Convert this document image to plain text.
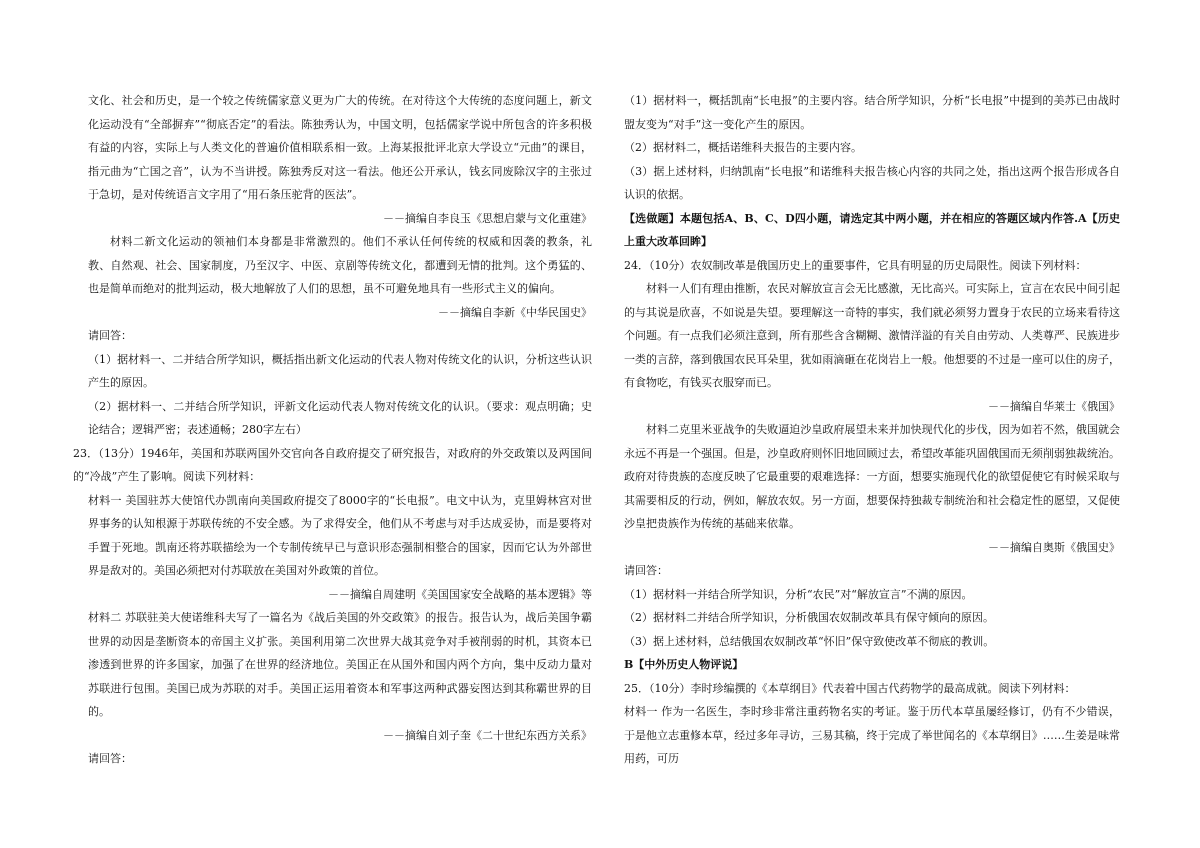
文化、社会和历史，是一个较之传统儒家意义更为广大的传统。在对待这个大传统的态度问题上，新文化运动没有“全部摒弃”“彻底否定”的看法。陈独秀认为，中国文明，包括儒家学说中所包含的许多积极有益的内容，实际上与人类文化的普遍价值相联系相一致。上海某报批评北京大学设立“元曲”的课目，指元曲为“亡国之音”，认为不当讲授。陈独秀反对这一看法。他还公开承认，钱玄同废除汉字的主张过于急切，是对传统语言文字用了“用石条压驼背的医法”。

－－摘编自李良玉《思想启蒙与文化重建》

材料二新文化运动的领袖们本身都是非常激烈的。他们不承认任何传统的权威和因袭的教条，礼教、自然观、社会、国家制度，乃至汉字、中医、京剧等传统文化，都遭到无情的批判。这个勇猛的、也是简单而绝对的批判运动，极大地解放了人们的思想，虽不可避免地具有一些形式主义的偏向。

－－摘编自李新《中华民国史》

请回答：

（1）据材料一、二并结合所学知识，概括指出新文化运动的代表人物对传统文化的认识，分析这些认识产生的原因。

（2）据材料一、二并结合所学知识，评新文化运动代表人物对传统文化的认识。（要求：观点明确；史论结合；逻辑严密；表述通畅；280字左右）

23．（13分）1946年，美国和苏联两国外交官向各自政府提交了研究报告，对政府的外交政策以及两国间的“冷战”产生了影响。阅读下列材料：

材料一 美国驻苏大使馆代办凯南向美国政府提交了8000字的“长电报”。电文中认为，克里姆林宫对世界事务的认知根源于苏联传统的不安全感。为了求得安全，他们从不考虑与对手达成妥协，而是要将对手置于死地。凯南还将苏联描绘为一个专制传统早已与意识形态强制相整合的国家，因而它认为外部世界是敌对的。美国必须把对付苏联放在美国对外政策的首位。

－－摘编自周建明《美国国家安全战略的基本逻辑》等

材料二 苏联驻美大使诺维科夫写了一篇名为《战后美国的外交政策》的报告。报告认为，战后美国争霸世界的动因是垄断资本的帝国主义扩张。美国利用第二次世界大战其竞争对手被削弱的时机，其资本已渗透到世界的许多国家，加强了在世界的经济地位。美国正在从国外和国内两个方向，集中反动力量对苏联进行包围。美国已成为苏联的对手。美国正运用着资本和军事这两种武器妄图达到其称霸世界的目的。

－－摘编自刘子奎《二十世纪东西方关系》

请回答：

（1）据材料一，概括凯南“长电报”的主要内容。结合所学知识，分析“长电报”中提到的美苏已由战时盟友变为“对手”这一变化产生的原因。

（2）据材料二，概括诺维科夫报告的主要内容。

（3）据上述材料，归纳凯南“长电报”和诺维科夫报告核心内容的共同之处，指出这两个报告形成各自认识的依据。

【选做题】本题包括A、B、C、D四小题，请选定其中两小题，并在相应的答题区域内作答.A【历史上重大改革回眸】

24．（10分）农奴制改革是俄国历史上的重要事件，它具有明显的历史局限性。阅读下列材料：

材料一人们有理由推断，农民对解放宣言会无比感激，无比高兴。可实际上，宣言在农民中间引起的与其说是欣喜，不如说是失望。要理解这一奇特的事实，我们就必须努力置身于农民的立场来看待这个问题。有一点我们必须注意到，所有那些含含糊糊、激情洋溢的有关自由劳动、人类尊严、民族进步一类的言辞，落到俄国农民耳朵里，犹如雨滴砸在花岗岩上一般。他想要的不过是一座可以住的房子，有食物吃，有钱买衣服穿而已。

－－摘编自华莱士《俄国》

材料二克里米亚战争的失败逼迫沙皇政府展望未来并加快现代化的步伐，因为如若不然，俄国就会永远不再是一个强国。但是，沙皇政府则怀旧地回顾过去，希望改革能巩固俄国而无须削弱独裁统治。政府对待贵族的态度反映了它最重要的艰难选择：一方面，想要实施现代化的欲望促使它有时候采取与其需要相反的行动，例如，解放农奴。另一方面，想要保持独裁专制统治和社会稳定性的愿望，又促使沙皇把贵族作为传统的基础来依靠。

－－摘编自奥斯《俄国史》

请回答：

（1）据材料一并结合所学知识，分析“农民”对“解放宣言”不满的原因。

（2）据材料二并结合所学知识，分析俄国农奴制改革具有保守倾向的原因。

（3）据上述材料，总结俄国农奴制改革“怀旧”保守致使改革不彻底的教训。

B【中外历史人物评说】

25．（10分）李时珍编撰的《本草纲目》代表着中国古代药物学的最高成就。阅读下列材料：

材料一 作为一名医生，李时珍非常注重药物名实的考证。鉴于历代本草虽屡经修订，仍有不少错误，于是他立志重修本草，经过多年寻访，三易其稿，终于完成了举世闻名的《本草纲目》……生姜是味常用药，可历
